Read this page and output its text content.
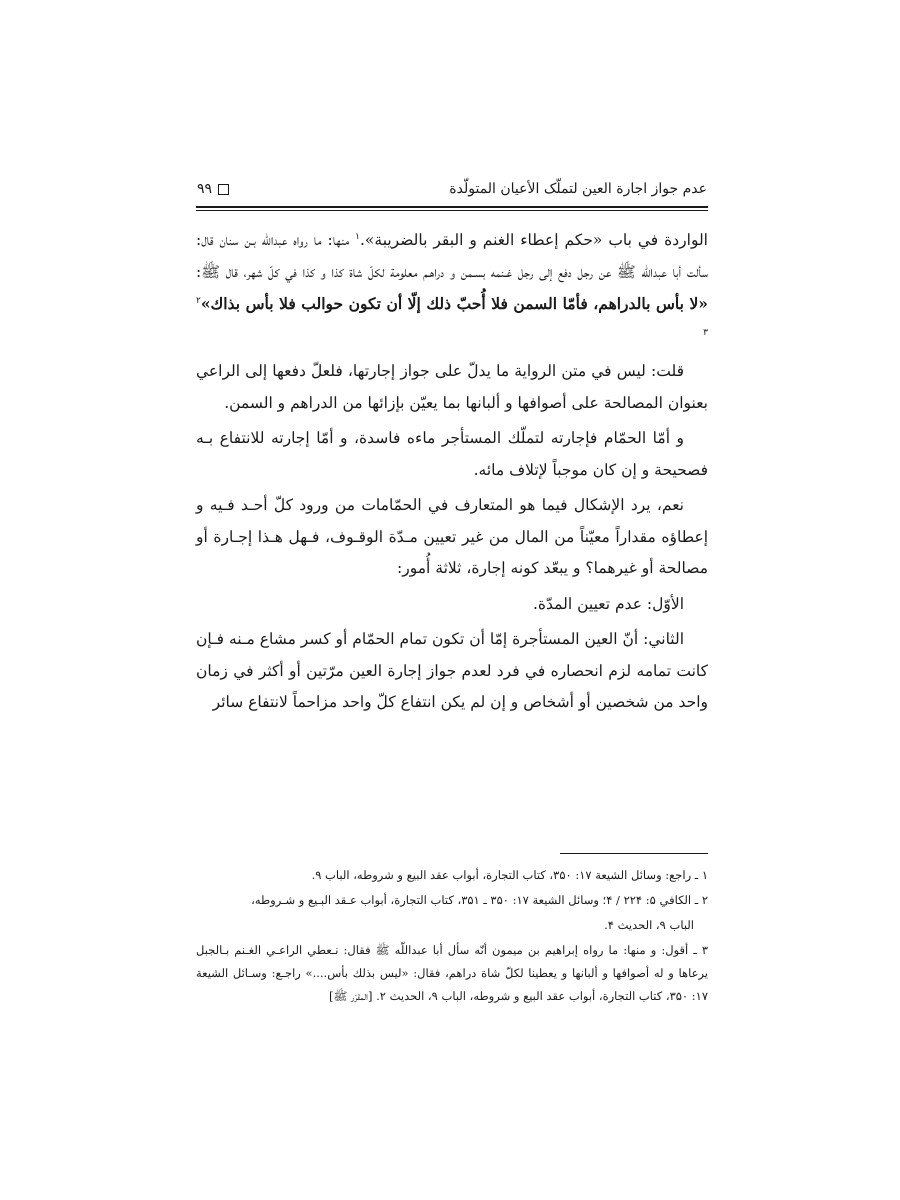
عدم جواز اجارة العين لتملّک الأعيان المتولّدة
۹۹

الواردة في باب «حكم إعطاء الغنم و البقر بالضريبة».$^۱$ منها: ما رواه عبداللّه بـن سنان قال: سألت أبا عبداللّه ﷺ عن رجل دفع إلى رجل غـنمه بسـمن و دراهـم معلومة لكلّ شاة كذا و كذا في كلّ شهر، قال ﷺ: «لا بأس بالدراهم، فأمّا السمن فلا أُحبّ ذلك إلّا أن تكون حوالب فلا بأس بذاك»$^{۲ ۳}$

قلت: ليس في متن الرواية ما يدلّ على جواز إجارتها، فلعلّ دفعها إلى الراعي بعنوان المصالحة على أصوافها و ألبانها بما يعيّن بإزائها من الدراهم و السمن.

و أمّا الحمّام فإجارته لتملّك المستأجر ماءه فاسدة، و أمّا إجارته للانتفاع بـه فصحيحة و إن كان موجباً لإتلاف مائه.

نعم، يرد الإشكال فيما هو المتعارف في الحمّامات من ورود كلّ أحـد فـيه و إعطاؤه مقداراً معيّناً من المال من غير تعيين مـدّة الوقـوف، فـهل هـذا إجـارة أو مصالحة أو غيرهما؟ و يبعّد كونه إجارة، ثلاثة أُمور:

الأوّل: عدم تعيين المدّة.

الثاني: أنّ العين المستأجرة إمّا أن تكون تمام الحمّام أو كسر مشاع مـنه فـإن كانت تمامه لزم انحصاره في فرد لعدم جواز إجارة العين مرّتين أو أكثر في زمان واحد من شخصين أو أشخاص و إن لم يكن انتفاع كلّ واحد مزاحماً لانتفاع سائر

۱ ـ راجع: وسائل الشيعة ۱۷: ۳۵۰، كتاب التجارة، أبواب عقد البيع و شروطه، الباب ۹.

۲ ـ الكافي ۵: ۲۲۴ / ۴؛ وسائل الشيعة ۱۷: ۳۵۰ ـ ۳۵۱، كتاب التجارة، أبواب عـقد البـيع و شـروطه،

الباب ۹، الحديث ۴.

۳ ـ أقول: و منها: ما رواه إبراهيم بن ميمون أنّه سأل أبا عبداللّه ﷺ فقال: نـعطي الراعـي الغـنم بـالجبل يرعاها و له أصوافها و ألبانها و يعطينا لكلّ شاة دراهم، فقال: «ليس بذلك بأس....» راجـع: وسـائل الشيعة ۱۷: ۳۵۰، كتاب التجارة، أبواب عقد البيع و شروطه، الباب ۹، الحديث ۲. [المقرّر ﷺ]
